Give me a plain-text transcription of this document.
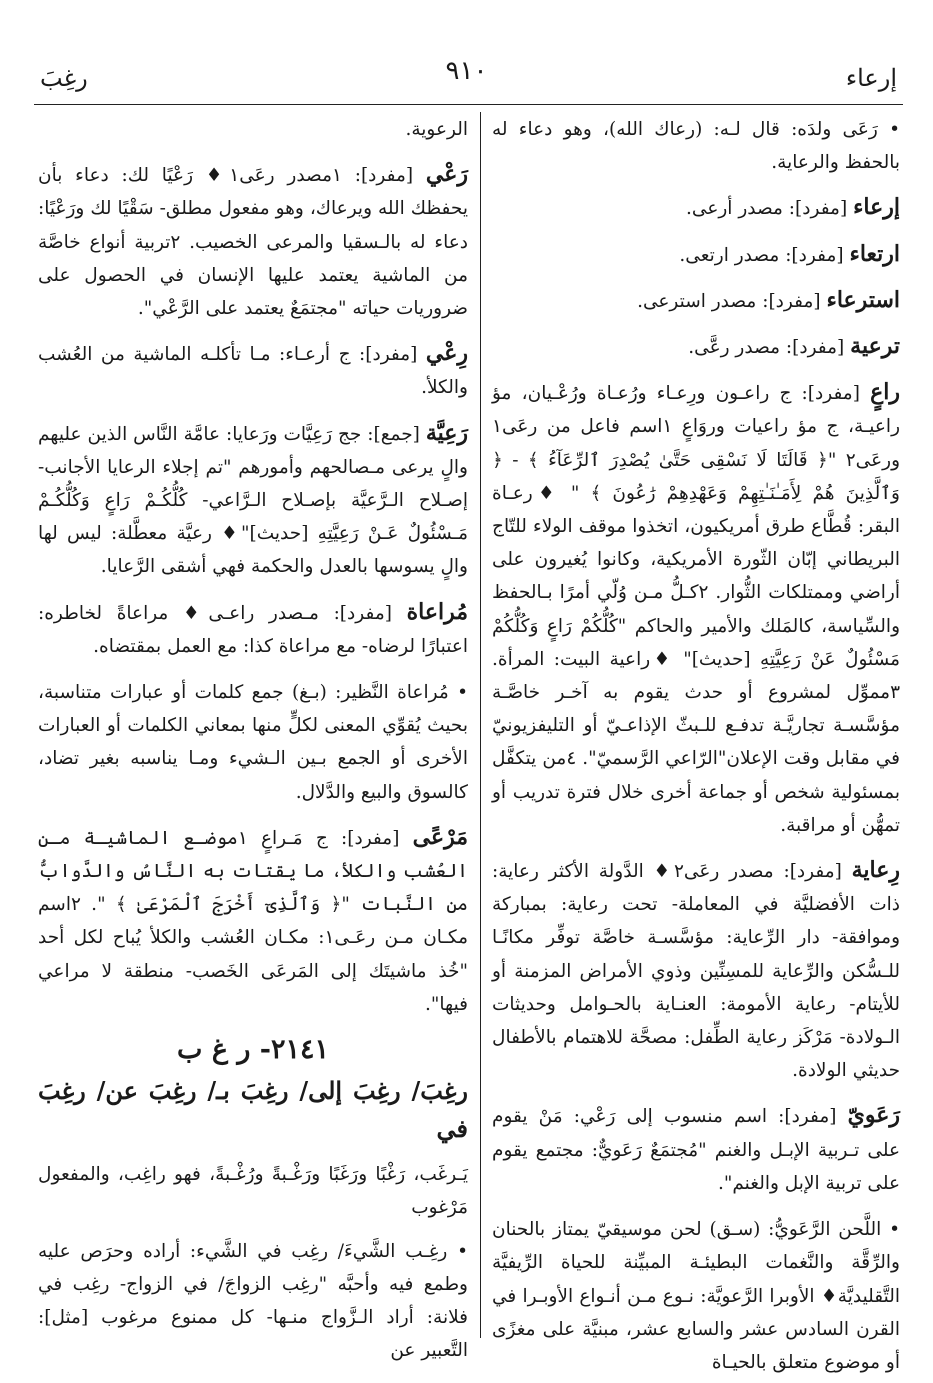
رغِبَ	٩١٠	إرعاء

• رَعَى ولدَه: قال لـه: (رعاك الله)، وهو دعاء له بالحفظ والرعاية.

إرعاء [مفرد]: مصدر أرعى.

ارتعاء [مفرد]: مصدر ارتعى.

استرعاء [مفرد]: مصدر استرعى.

ترعية [مفرد]: مصدر رعَّى.

راعٍ [مفرد]: ج راعـون ورِعـاء ورُعـاة ورُعْـيان، مؤ راعيـة، ج مؤ راعيات وروَاعٍ ١اسم فاعل من رعَى١ ورعَى٢ "﴿ قَالَتَا لَا نَسْقِى حَتَّىٰ يُصْدِرَ ٱلرِّعَآءُ ﴾ - ﴿ وَٱلَّذِينَ هُمْ لِأَمَـٰنَـٰتِهِمْ وَعَهْدِهِمْ رَٰعُونَ ﴾ " ♦رعـاة البقر: قُطَّاع طرق أمريكيون، اتخذوا موقف الولاء للتّاج البريطاني إبّان الثّورة الأمريكية، وكانوا يُغيرون على أراضي وممتلكات الثُّوار. ٢كـلُّ مـن وُلّي أمرًا بـالحفظ والسِّياسة، كالمَلك والأمير والحاكم "كُلُّكُمْ رَاعٍ وَكُلُّكُمْ مَسْئُولٌ عَنْ رَعِيَّتِهِ [حديث]" ♦راعية البيت: المرأة. ٣مموِّل لمشروع أو حدث يقوم به آخـر خاصَّـة مؤسَّسـة تجاريَّـة تدفـع للـبثّ الإذاعـيّ أو التليفزيونيّ في مقابل وقت الإعلان"الرّاعي الرَّسميّ". ٤من يتكفَّل بمسئولية شخص أو جماعة أخرى خلال فترة تدريب أو تمهُّن أو مراقبة.

رِعاية [مفرد]: مصدر رعَى٢♦ الدَّولة الأكثر رعاية: ذات الأفضليَّة في المعاملة- تحت رعاية: بمباركة وموافقة- دار الرِّعاية: مؤسَّسـة خاصَّة توفِّر مكانًـا للـسُّكن والرِّعاية للمسِنِّين وذوي الأمراض المزمنة أو للأيتام- رعاية الأمومة: العنـاية بالحـوامل وحديثات الـولادة- مَرْكَز رعاية الطِّفل: مصحَّة للاهتمام بالأطفال حديثي الولادة.

رَعَويّ [مفرد]: اسم منسوب إلى رَعْي: مَنْ يقوم على تـربية الإبـل والغنم "مُجتمَعٌ رَعَويٌّ: مجتمع يقوم على تربية الإبل والغنم".

• اللَّحن الرَّعَويُّ: (سـق) لحن موسيقيّ يمتاز بالحنان والرِّقَّة والنَّغمات البطيئـة المبيِّنة للحياة الرِّيفيَّة التَّقليديَّة♦ الأوبرا الرَّعويَّة: نـوع مـن أنـواع الأوبـرا في القرن السادس عشر والسابع عشر، مبنيَّة على مغزًى أو موضوع متعلق بالحيـاة

الرعوية.

رَعْي [مفرد]: ١مصدر رعَى١♦ رَعْيًا لك: دعاء بأن يحفظك الله ويرعاك، وهو مفعول مطلق- سَقْيًا لك ورَعْيًا: دعاء له بالـسقيا والمرعى الخصيب. ٢تربية أنواع خاصَّة من الماشية يعتمد عليها الإنسان في الحصول على ضروريات حياته "مجتمَعٌ يعتمد على الرَّعْي".

رِعْي [مفرد]: ج أرعـاء: مـا تأكلـه الماشية من العُشب والكلأ.

رَعِيَّة [جمع]: جج رَعِيَّات ورَعايا: عامَّة النَّاس الذين عليهم والٍ يرعى مـصالحهم وأمورهم "تم إجلاء الرعايا الأجانب- إصـلاح الـرَّعيَّة بإصـلاح الـرَّاعي- كُلُّكُـمْ رَاعٍ وَكُلُّكُـمْ مَـسْئُولٌ عَـنْ رَعِيَّتِهِ [حديث]"♦ رعيَّة معطَّلة: ليس لها والٍ يسوسها بالعدل والحكمة فهي أشقى الرَّعايا.

مُراعاة [مفرد]: مـصدر راعـى♦ مراعاةً لخاطره: اعتبارًا لرضاه- مع مراعاة كذا: مع العمل بمقتضاه.

• مُراعاة النَّظير: (بـغ) جمع كلمات أو عبارات متناسبة، بحيث يُقوِّي المعنى لكلٍّ منها بمعاني الكلمات أو العبارات الأخرى أو الجمع بـين الـشيء ومـا يناسبه بغير تضاد، كالسوق والبيع والدَّلال.

مَرْعًى [مفرد]: ج مَـراعٍ ١موضـع الماشيـة مـن العُشب والكلأ، ما يقتات به النَّاسُ والدَّوابُّ من النَّبات "﴿ وَٱلَّذِىٓ أَخْرَجَ ٱلْمَرْعَىٰ ﴾ ". ٢اسم مكـان مـن رعَـى١: مكـان العُشب والكلأ يُباح لكل أحد "خُذ ماشيتَك إلى المَرعَى الخَصب- منطقة لا مراعي فيها".

٢١٤١- ر غ ب

رغِبَ/ رغِبَ إلى/ رغِبَ بـ/ رغِبَ عن/ رغِبَ في

يَـرغَب، رَغْبًا ورَغَبًا ورَغْـبةً ورُغْـبةً، فهو راغِب، والمفعول مَرْغوب

• رغِـب الشَّيءَ/ رغِب في الشَّيء: أراده وحرَص عليه وطمع فيه وأحبَّه "رغِب الزواجَ/ في الزواج- رغِب في فلانة: أراد الـزَّواج منـها- كل ممنوع مرغوب [مثل]: التَّعبير عن
